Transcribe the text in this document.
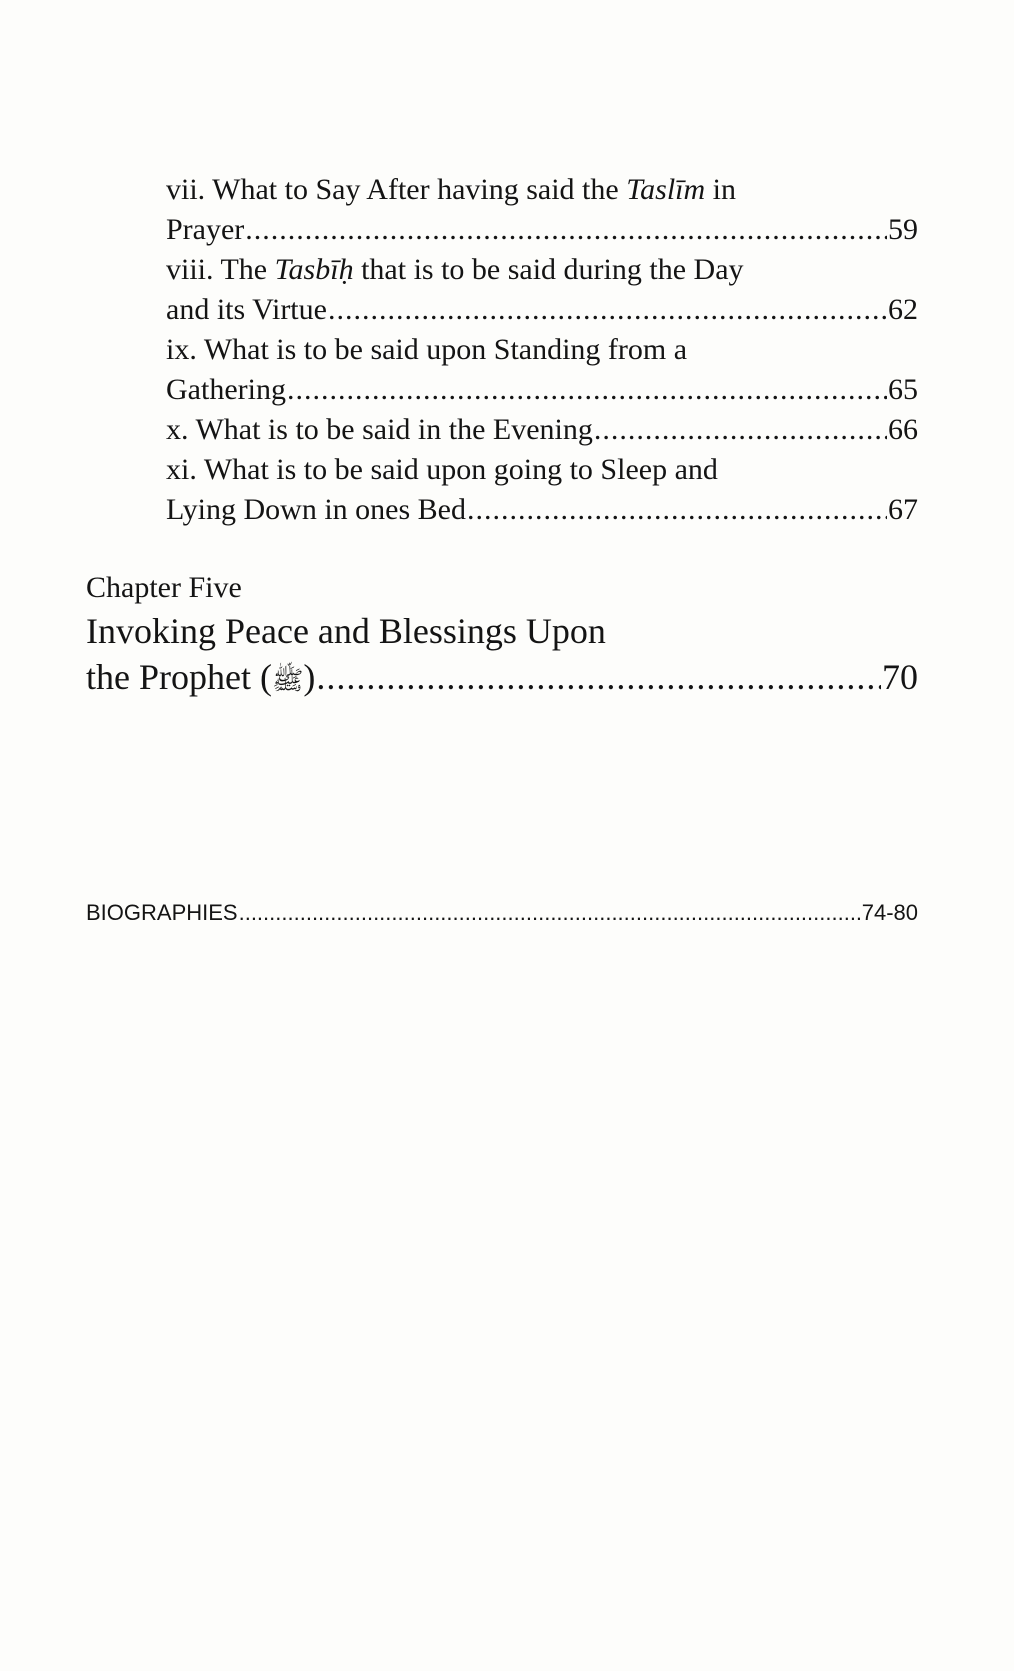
vii. What to Say After having said the Taslīm in
Prayer .....	59
viii. The Tasbīḥ that is to be said during the Day
and its Virtue .....	62
ix. What is to be said upon Standing from a
Gathering .....	65
x. What is to be said in the Evening .....	66
xi. What is to be said upon going to Sleep and
Lying Down in ones Bed .....	67
Chapter Five
Invoking Peace and Blessings Upon
the Prophet (ﷺ) .....	70
BIOGRAPHIES .....	74-80
